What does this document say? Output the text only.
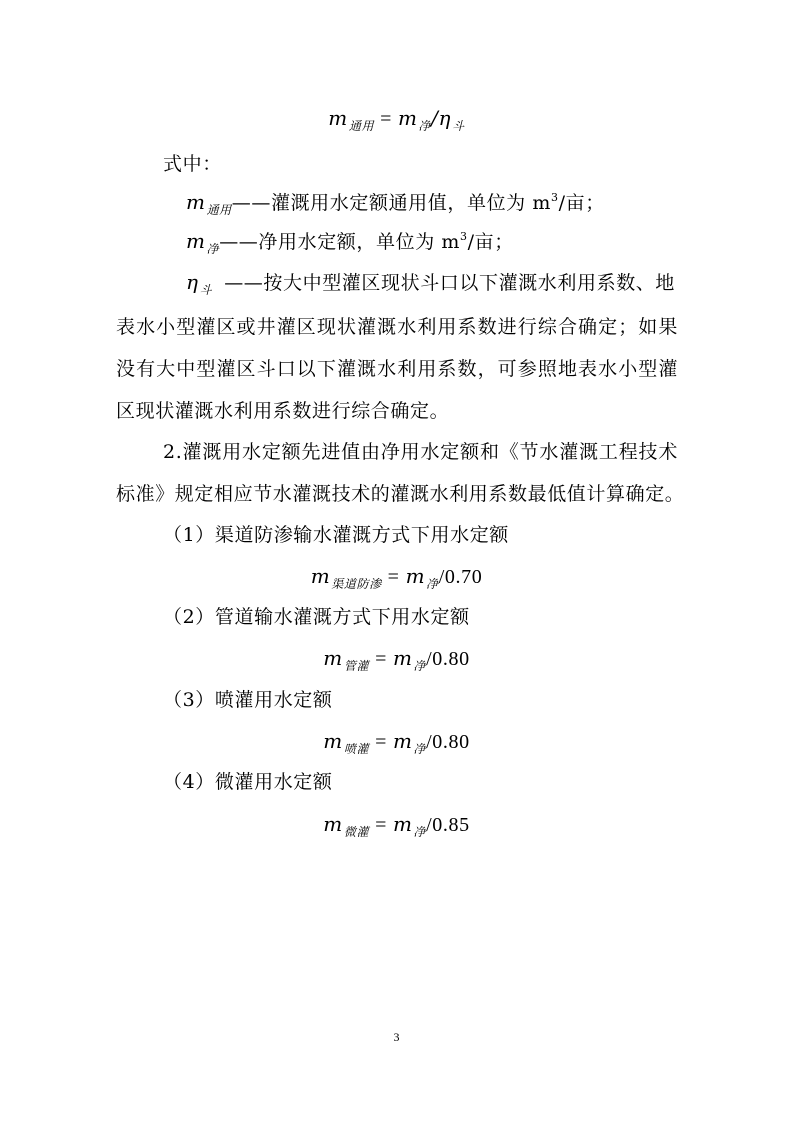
$m_{通用} = m_净/\eta_斗$
式中：
$m_{通用}——$灌溉用水定额通用值，单位为 $m^3/$亩；
$m_净——$净用水定额，单位为 $m^3/$亩；
$\eta_斗$ ——按大中型灌区现状斗口以下灌溉水利用系数、地
表水小型灌区或井灌区现状灌溉水利用系数进行综合确定；如果
没有大中型灌区斗口以下灌溉水利用系数，可参照地表水小型灌
区现状灌溉水利用系数进行综合确定。
2.灌溉用水定额先进值由净用水定额和《节水灌溉工程技术
标准》规定相应节水灌溉技术的灌溉水利用系数最低值计算确定。
（1）渠道防渗输水灌溉方式下用水定额
$m_{渠道防渗} = m_净/0.70$
（2）管道输水灌溉方式下用水定额
$m_{管灌} = m_净/0.80$
（3）喷灌用水定额
$m_{喷灌} = m_净/0.80$
（4）微灌用水定额
$m_{微灌} = m_净/0.85$
3
